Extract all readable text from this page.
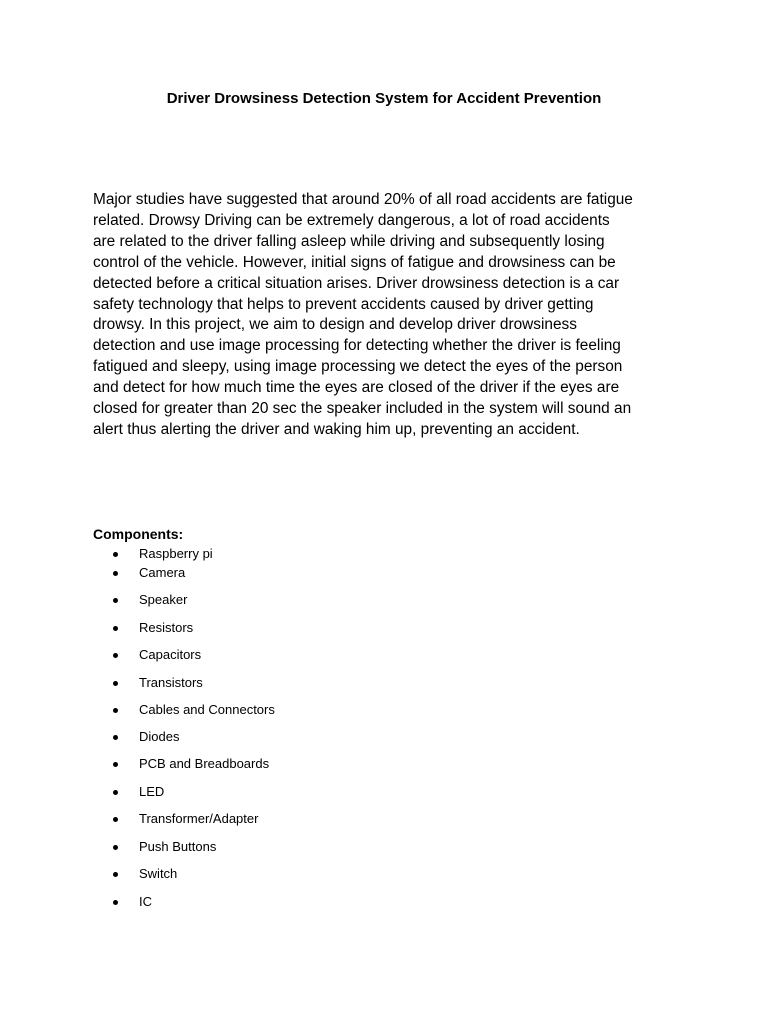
Driver Drowsiness Detection System for Accident Prevention

Major studies have suggested that around 20% of all road accidents are fatigue
related. Drowsy Driving can be extremely dangerous, a lot of road accidents
are related to the driver falling asleep while driving and subsequently losing
control of the vehicle. However, initial signs of fatigue and drowsiness can be
detected before a critical situation arises. Driver drowsiness detection is a car
safety technology that helps to prevent accidents caused by driver getting
drowsy. In this project, we aim to design and develop driver drowsiness
detection and use image processing for detecting whether the driver is feeling
fatigued and sleepy, using image processing we detect the eyes of the person
and detect for how much time the eyes are closed of the driver if the eyes are
closed for greater than 20 sec the speaker included in the system will sound an
alert thus alerting the driver and waking him up, preventing an accident.

Components:
Raspberry pi
Camera
Speaker
Resistors
Capacitors
Transistors
Cables and Connectors
Diodes
PCB and Breadboards
LED
Transformer/Adapter
Push Buttons
Switch
IC
